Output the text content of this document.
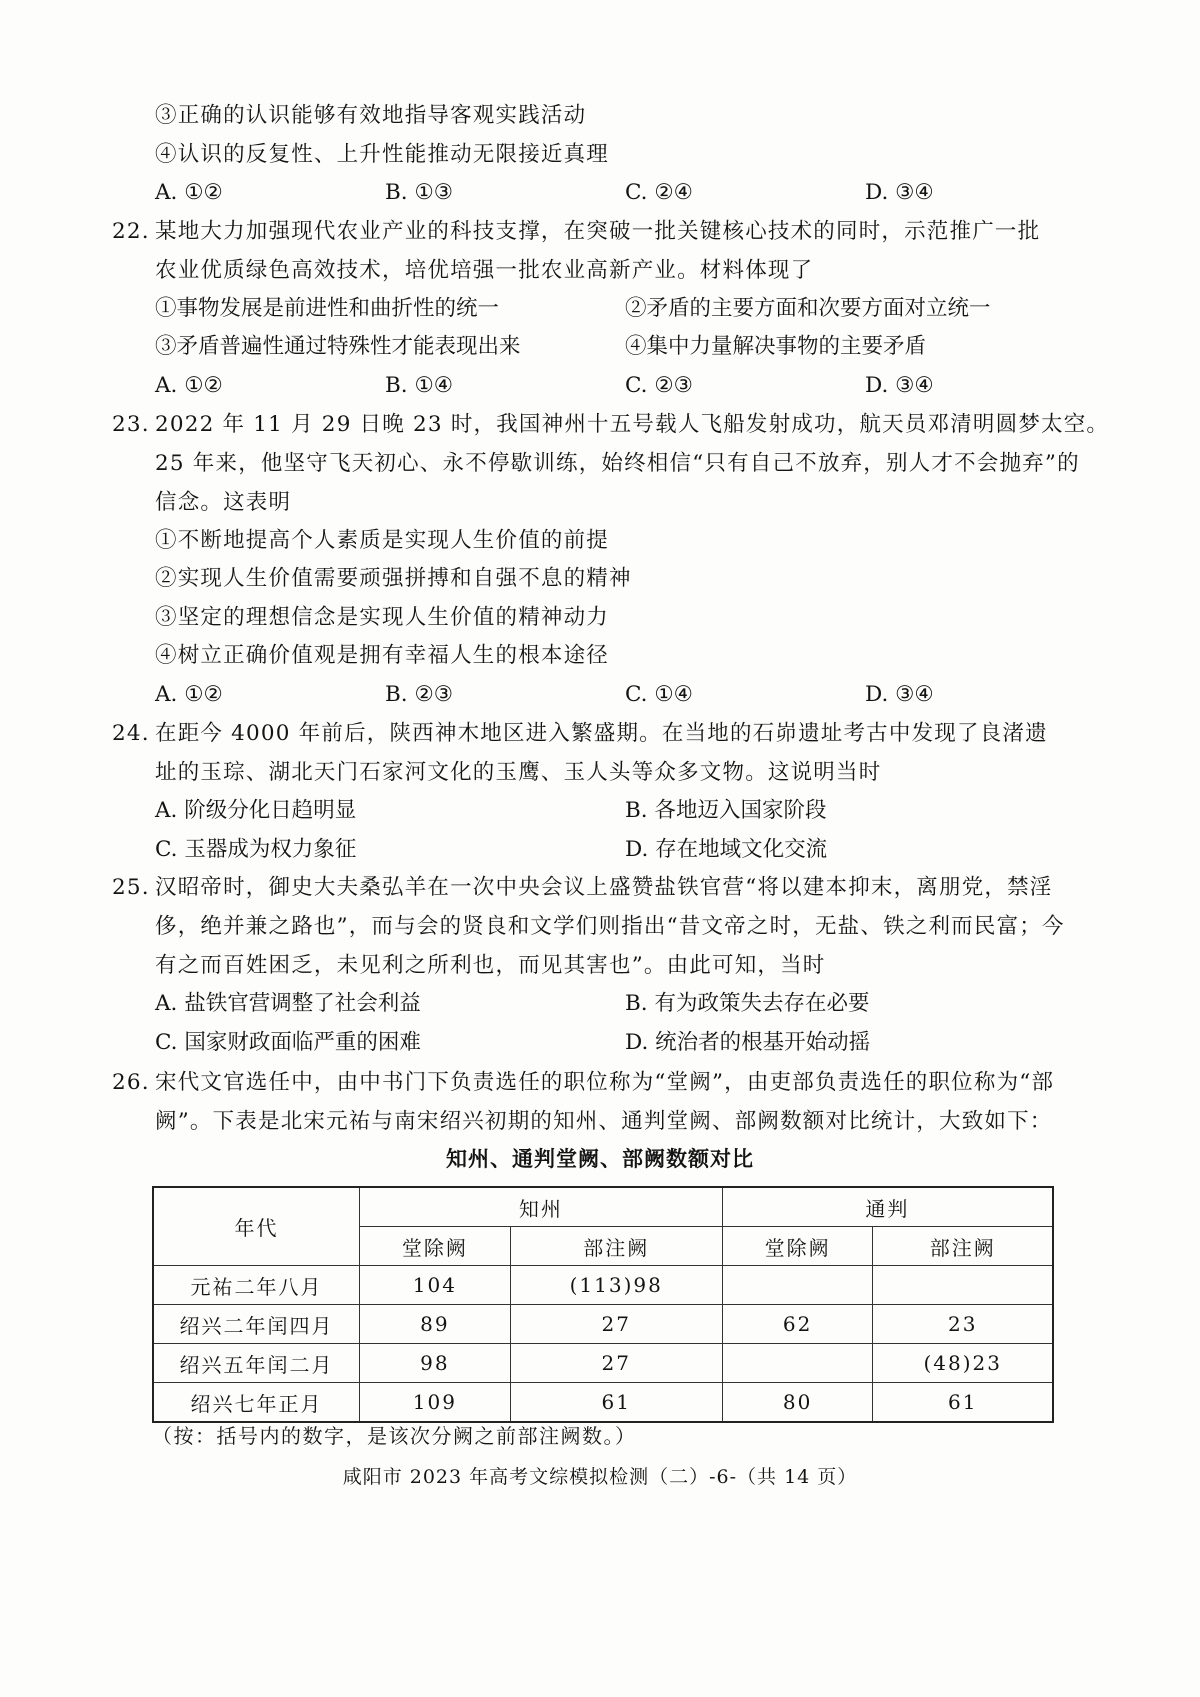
③正确的认识能够有效地指导客观实践活动
④认识的反复性、上升性能推动无限接近真理
A. ①②	B. ①③	C. ②④	D. ③④
22. 某地大力加强现代农业产业的科技支撑，在突破一批关键核心技术的同时，示范推广一批
农业优质绿色高效技术，培优培强一批农业高新产业。材料体现了
①事物发展是前进性和曲折性的统一	②矛盾的主要方面和次要方面对立统一
③矛盾普遍性通过特殊性才能表现出来	④集中力量解决事物的主要矛盾
A. ①②	B. ①④	C. ②③	D. ③④
23. 2022 年 11 月 29 日晚 23 时，我国神州十五号载人飞船发射成功，航天员邓清明圆梦太空。
25 年来，他坚守飞天初心、永不停歇训练，始终相信“只有自己不放弃，别人才不会抛弃”的
信念。这表明
①不断地提高个人素质是实现人生价值的前提
②实现人生价值需要顽强拼搏和自强不息的精神
③坚定的理想信念是实现人生价值的精神动力
④树立正确价值观是拥有幸福人生的根本途径
A. ①②	B. ②③	C. ①④	D. ③④
24. 在距今 4000 年前后，陕西神木地区进入繁盛期。在当地的石峁遗址考古中发现了良渚遗
址的玉琮、湖北天门石家河文化的玉鹰、玉人头等众多文物。这说明当时
A. 阶级分化日趋明显	B. 各地迈入国家阶段
C. 玉器成为权力象征	D. 存在地域文化交流
25. 汉昭帝时，御史大夫桑弘羊在一次中央会议上盛赞盐铁官营“将以建本抑末，离朋党，禁淫
侈，绝并兼之路也”，而与会的贤良和文学们则指出“昔文帝之时，无盐、铁之利而民富；今
有之而百姓困乏，未见利之所利也，而见其害也”。由此可知，当时
A. 盐铁官营调整了社会利益	B. 有为政策失去存在必要
C. 国家财政面临严重的困难	D. 统治者的根基开始动摇
26. 宋代文官选任中，由中书门下负责选任的职位称为“堂阙”，由吏部负责选任的职位称为“部
阙”。下表是北宋元祐与南宋绍兴初期的知州、通判堂阙、部阙数额对比统计，大致如下：
知州、通判堂阙、部阙数额对比
年代	知州		通判	
	堂除阙	部注阙	堂除阙	部注阙
元祐二年八月	104	(113)98		
绍兴二年闰四月	89	27	62	23
绍兴五年闰二月	98	27		(48)23
绍兴七年正月	109	61	80	61
（按：括号内的数字，是该次分阙之前部注阙数。）
咸阳市 2023 年高考文综模拟检测（二）-6-（共 14 页）
